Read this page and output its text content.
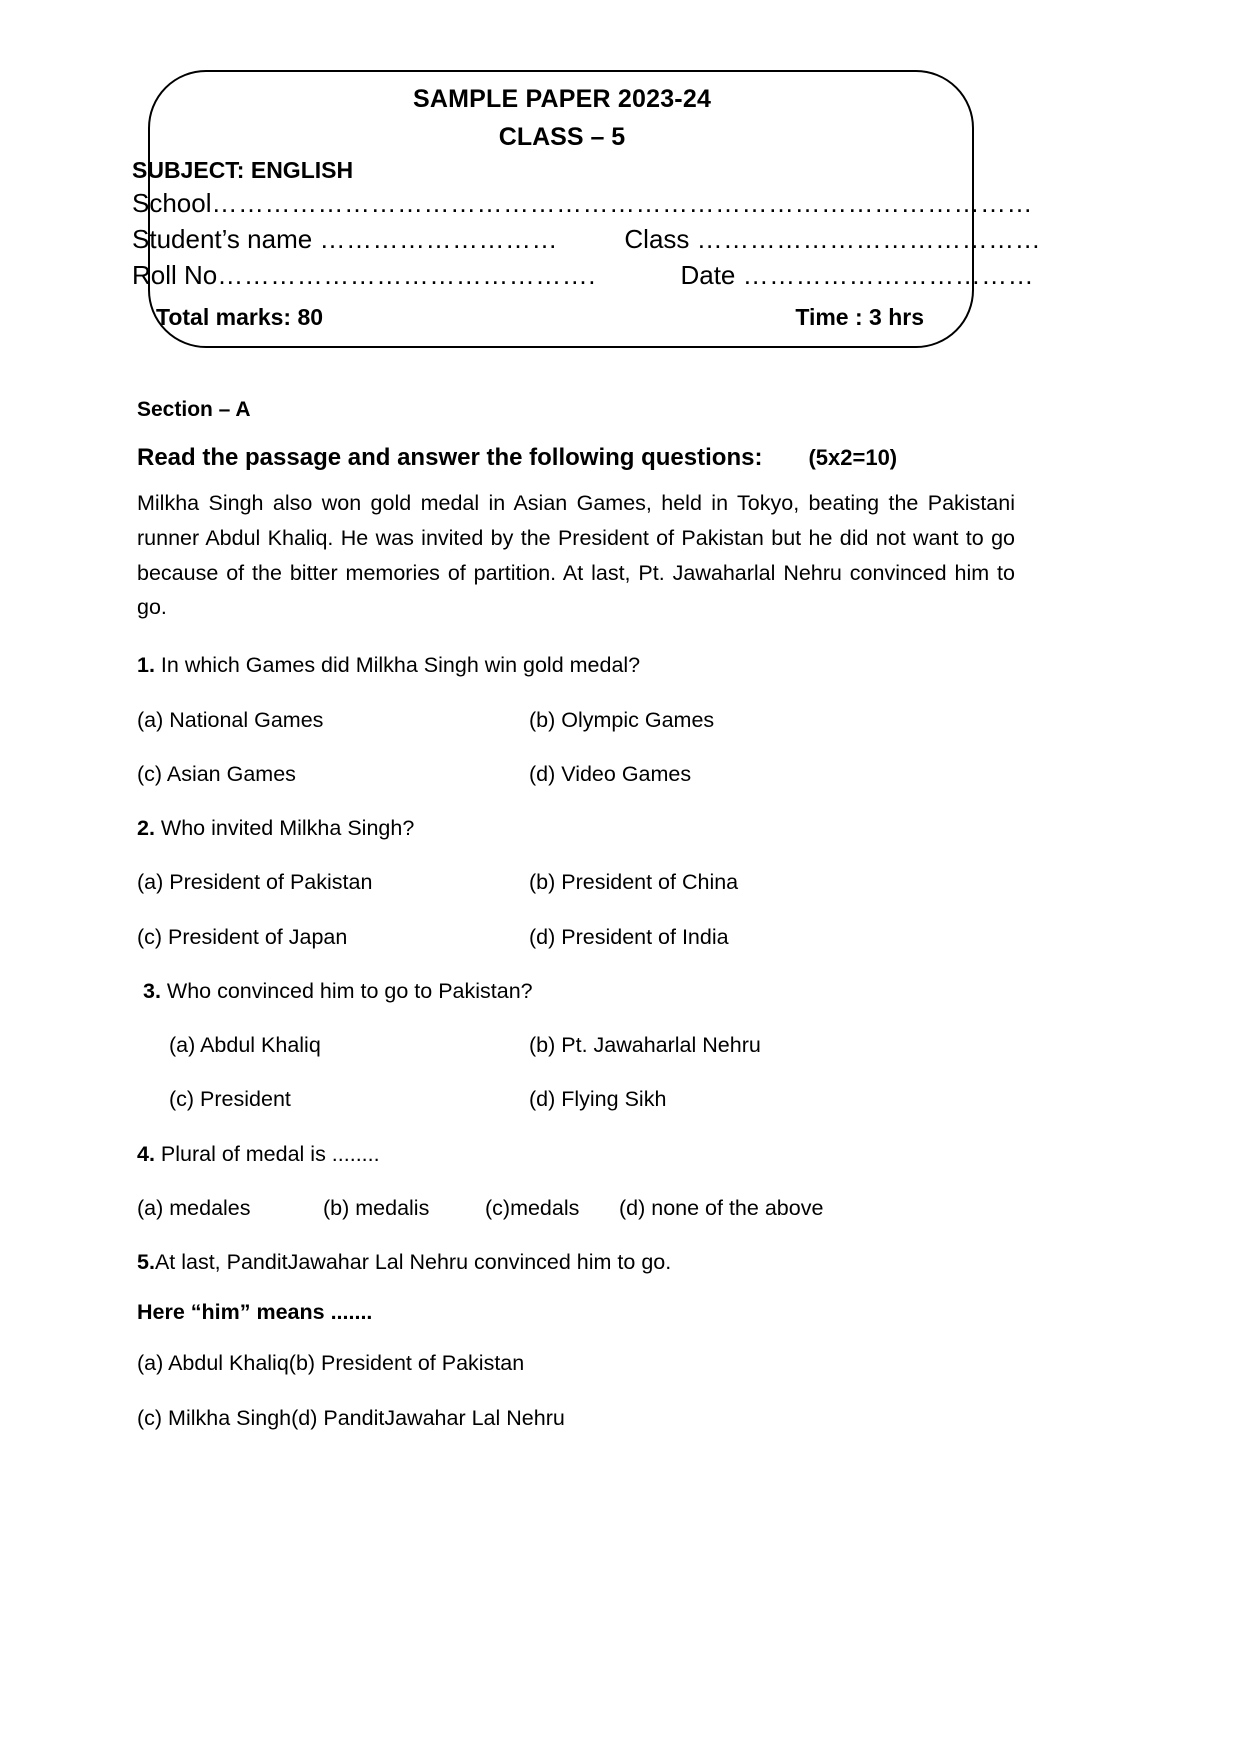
SAMPLE PAPER 2023-24
CLASS – 5
SUBJECT: ENGLISH
School…………………………………………………………………………………
Student’s name ………………………	Class …………………………………
Roll No…………………………………….	Date ……………………………
Total marks: 80	Time : 3 hrs
Section – A
Read the passage and answer the following questions: (5x2=10)
Milkha Singh also won gold medal in Asian Games, held in Tokyo, beating the Pakistani runner Abdul Khaliq. He was invited by the President of Pakistan but he did not want to go because of the bitter memories of partition. At last, Pt. Jawaharlal Nehru convinced him to go.
1. In which Games did Milkha Singh win gold medal?
(a) National Games	(b) Olympic Games
(c) Asian Games	(d) Video Games
2. Who invited Milkha Singh?
(a) President of Pakistan	(b) President of China
(c) President of Japan	(d) President of India
3. Who convinced him to go to Pakistan?
(a) Abdul Khaliq	(b) Pt. Jawaharlal Nehru
(c) President	(d) Flying Sikh
4. Plural of medal is ........
(a) medales	(b) medalis	(c)medals (d) none of the above
5.At last, PanditJawahar Lal Nehru convinced him to go.
Here “him” means .......
(a) Abdul Khaliq(b) President of Pakistan
(c) Milkha Singh(d) PanditJawahar Lal Nehru
